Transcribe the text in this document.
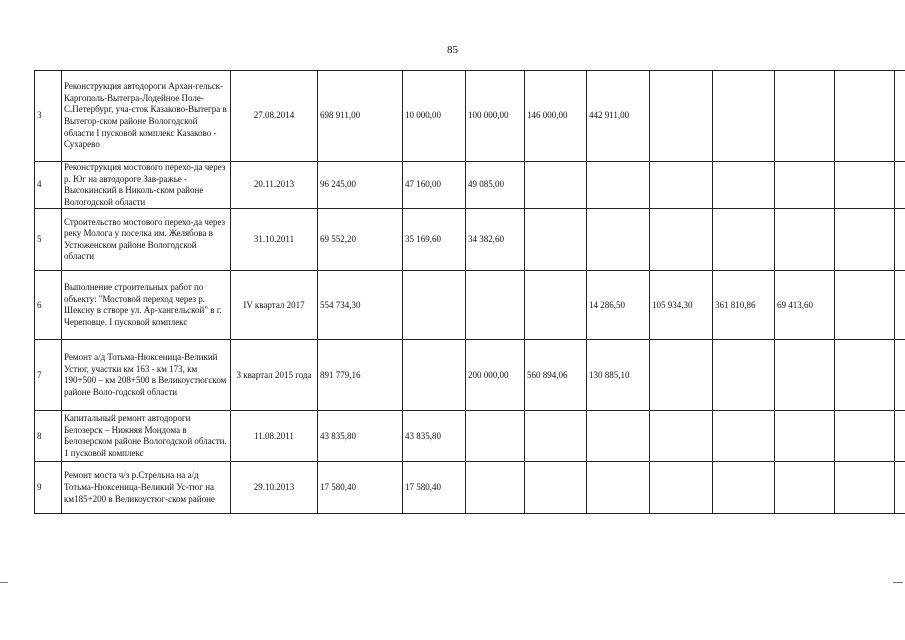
85
3	Реконструкция автодороги Архан-гельск-Каргополь-Вытегра-Лодейное Поле-С.Петербург, уча-сток Казаково-Вытегра в Вытегор-ском районе Вологодской области I пусковой комплекс Казаково - Сухарево	27.08.2014	698 911,00	10 000,00	100 000,00	146 000,00	442 911,00					
4	Реконструкция мостового перехо-да через р. Юг на автодороге Зав-ражье - Высокинский в Николь-ском районе Вологодской области	20.11.2013	96 245,00	47 160,00	49 085,00							
5	Строительство мостового перехо-да через реку Молога у поселка им. Желябова в Устюженском районе Вологодской области	31.10.2011	69 552,20	35 169,60	34 382,60							
6	Выполнение строительных работ по объекту: "Мостовой переход через р. Шексну в створе ул. Ар-хангельской" в г. Череповце. I пусковой комплекс	IV квартал 2017	554 734,30				14 286,50	105 934,30	361 810,86	69 413,60		
7	Ремонт а/д Тотьма-Нюксеница-Великий Устюг, участки км 163 - км 173, км 190+500 – км 208+500 в Великоустюгском районе Воло-годской области	3 квартал 2015 года	891 779,16		200 000,00	560 894,06	130 885,10					
8	Капитальный ремонт автодороги Белозерск – Нижняя Мондома в Белозерском районе Вологодской области. 1 пусковой комплекс	11.08.2011	43 835,80	43 835,80								
9	Ремонт моста ч/з р.Стрельна на а/д Тотьма-Нюксеница-Великий Ус-тюг на км185+200 в Великоустюг-ском районе	29.10.2013	17 580,40	17 580,40								
